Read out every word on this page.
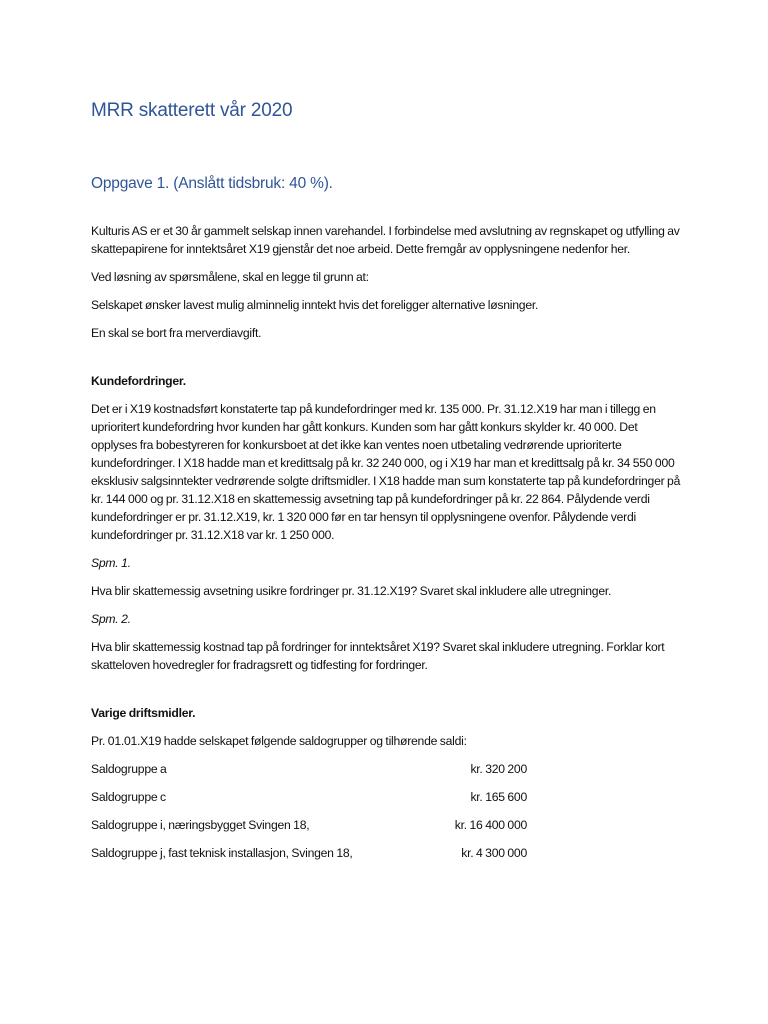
MRR skatterett vår 2020
Oppgave 1. (Anslått tidsbruk: 40 %).

Kulturis AS er et 30 år gammelt selskap innen varehandel. I forbindelse med avslutning av regnskapet og utfylling av skattepapirene for inntektsåret X19 gjenstår det noe arbeid. Dette fremgår av opplysningene nedenfor her.

Ved løsning av spørsmålene, skal en legge til grunn at:

Selskapet ønsker lavest mulig alminnelig inntekt hvis det foreligger alternative løsninger.

En skal se bort fra merverdiavgift.

Kundefordringer.

Det er i X19 kostnadsført konstaterte tap på kundefordringer med kr. 135 000. Pr. 31.12.X19 har man i tillegg en uprioritert kundefordring hvor kunden har gått konkurs. Kunden som har gått konkurs skylder kr. 40 000. Det opplyses fra bobestyreren for konkursboet at det ikke kan ventes noen utbetaling vedrørende uprioriterte kundefordringer. I X18 hadde man et kredittsalg på kr. 32 240 000, og i X19 har man et kredittsalg på kr. 34 550 000 eksklusiv salgsinntekter vedrørende solgte driftsmidler. I X18 hadde man sum konstaterte tap på kundefordringer på kr. 144 000 og pr. 31.12.X18 en skattemessig avsetning tap på kundefordringer på kr. 22 864. Pålydende verdi kundefordringer er pr. 31.12.X19, kr. 1 320 000 før en tar hensyn til opplysningene ovenfor. Pålydende verdi kundefordringer pr. 31.12.X18 var kr. 1 250 000.

Spm. 1.

Hva blir skattemessig avsetning usikre fordringer pr. 31.12.X19? Svaret skal inkludere alle utregninger.

Spm. 2.

Hva blir skattemessig kostnad tap på fordringer for inntektsåret X19? Svaret skal inkludere utregning. Forklar kort skatteloven hovedregler for fradragsrett og tidfesting for fordringer.

Varige driftsmidler.

Pr. 01.01.X19 hadde selskapet følgende saldogrupper og tilhørende saldi:

Saldogruppe a	kr. 320 200
Saldogruppe c	kr. 165 600
Saldogruppe i, næringsbygget Svingen 18,	kr. 16 400 000
Saldogruppe j, fast teknisk installasjon, Svingen 18,	kr. 4 300 000
